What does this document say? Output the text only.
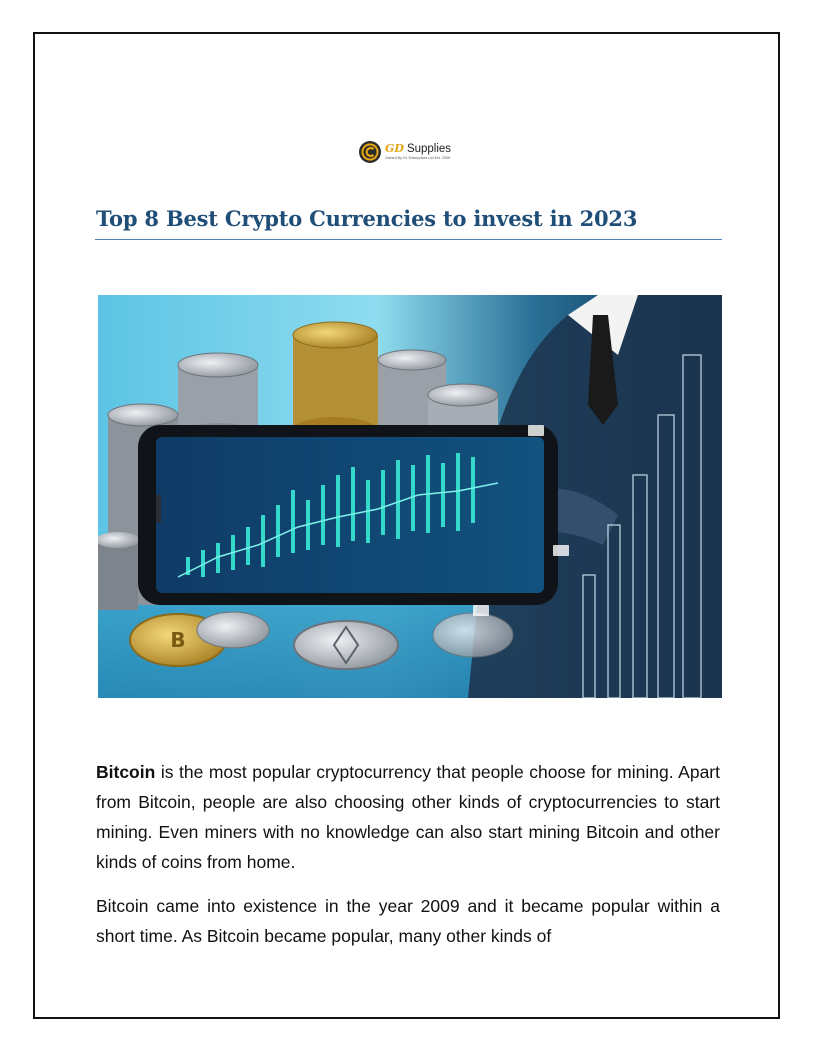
GD Supplies
Owned By DL Enterprises Ltd Est. 2006
Top 8 Best Crypto Currencies to invest in 2023
B

Bitcoin is the most popular cryptocurrency that people choose for mining. Apart from Bitcoin, people are also choosing other kinds of cryptocurrencies to start mining. Even miners with no knowledge can also start mining Bitcoin and other kinds of coins from home.

Bitcoin came into existence in the year 2009 and it became popular within a short time. As Bitcoin became popular, many other kinds of
